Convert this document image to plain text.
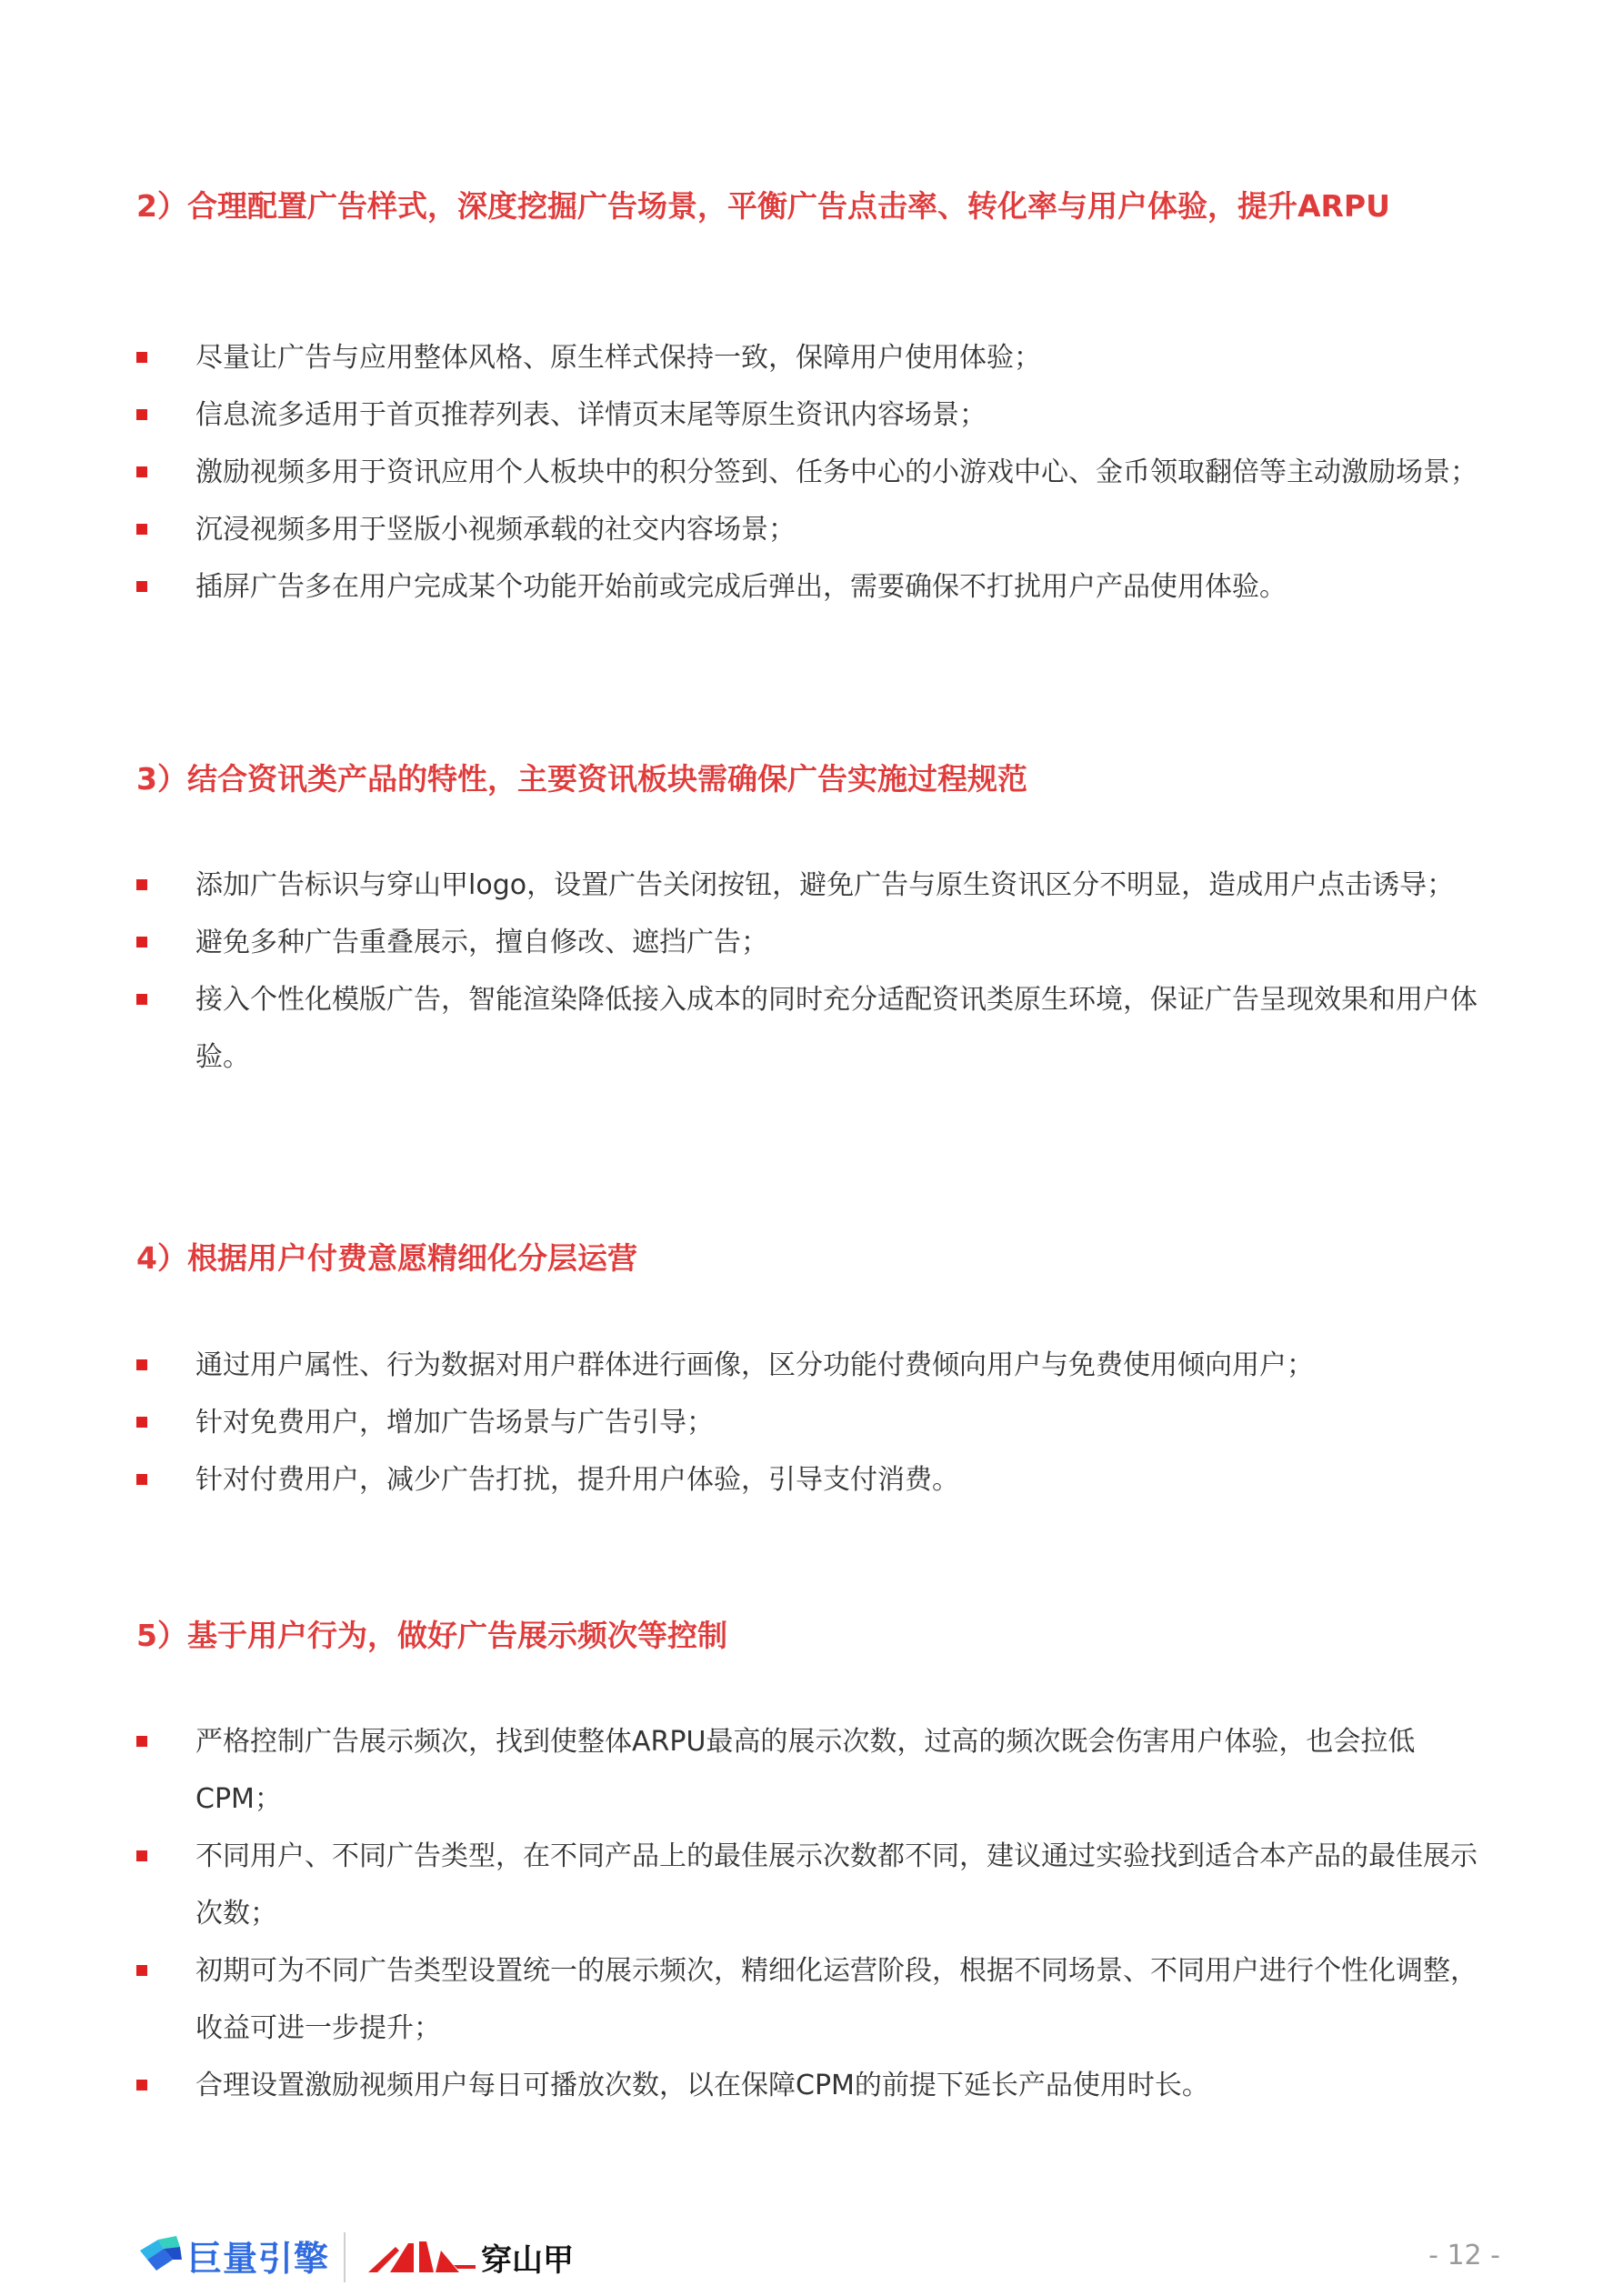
2）合理配置广告样式，深度挖掘广告场景，平衡广告点击率、转化率与用户体验，提升ARPU
尽量让广告与应用整体风格、原生样式保持一致，保障用户使用体验；
信息流多适用于首页推荐列表、详情页末尾等原生资讯内容场景；
激励视频多用于资讯应用个人板块中的积分签到、任务中心的小游戏中心、金币领取翻倍等主动激励场景；
沉浸视频多用于竖版小视频承载的社交内容场景；
插屏广告多在用户完成某个功能开始前或完成后弹出，需要确保不打扰用户产品使用体验。
3）结合资讯类产品的特性，主要资讯板块需确保广告实施过程规范
添加广告标识与穿山甲logo，设置广告关闭按钮，避免广告与原生资讯区分不明显，造成用户点击诱导；
避免多种广告重叠展示，擅自修改、遮挡广告；
接入个性化模版广告，智能渲染降低接入成本的同时充分适配资讯类原生环境，保证广告呈现效果和用户体验。
4）根据用户付费意愿精细化分层运营
通过用户属性、行为数据对用户群体进行画像，区分功能付费倾向用户与免费使用倾向用户；
针对免费用户，增加广告场景与广告引导；
针对付费用户，减少广告打扰，提升用户体验，引导支付消费。
5）基于用户行为，做好广告展示频次等控制
严格控制广告展示频次，找到使整体ARPU最高的展示次数，过高的频次既会伤害用户体验，也会拉低CPM；
不同用户、不同广告类型，在不同产品上的最佳展示次数都不同，建议通过实验找到适合本产品的最佳展示次数；
初期可为不同广告类型设置统一的展示频次，精细化运营阶段，根据不同场景、不同用户进行个性化调整，收益可进一步提升；
合理设置激励视频用户每日可播放次数，以在保障CPM的前提下延长产品使用时长。
巨量引擎	穿山甲	- 12 -
